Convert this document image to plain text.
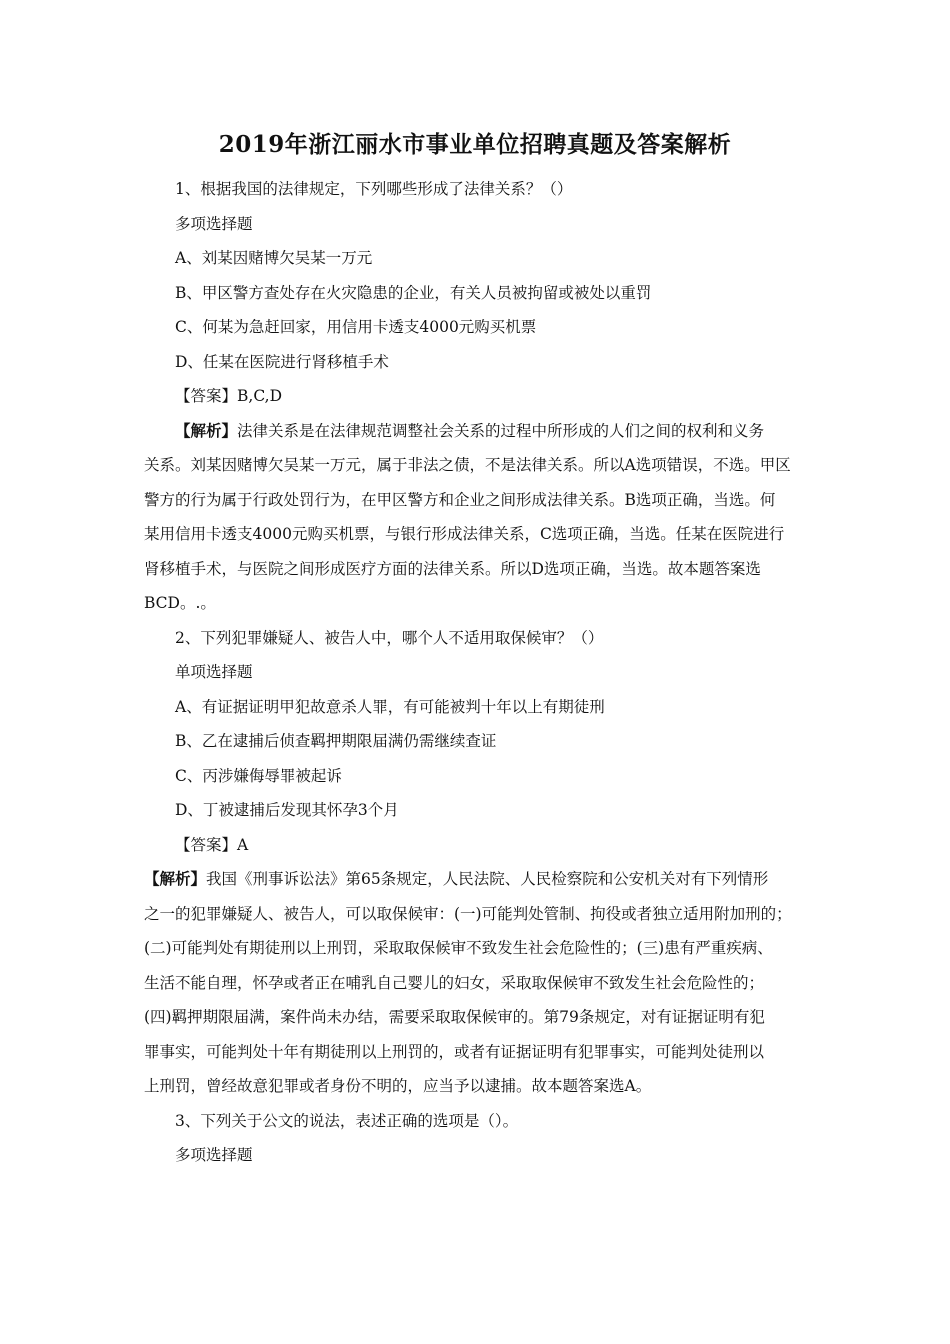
2019年浙江丽水市事业单位招聘真题及答案解析

1、根据我国的法律规定，下列哪些形成了法律关系？（）

多项选择题

A、刘某因赌博欠吴某一万元

B、甲区警方查处存在火灾隐患的企业，有关人员被拘留或被处以重罚

C、何某为急赶回家，用信用卡透支4000元购买机票

D、任某在医院进行肾移植手术

【答案】B,C,D

【解析】法律关系是在法律规范调整社会关系的过程中所形成的人们之间的权利和义务

关系。刘某因赌博欠吴某一万元，属于非法之债，不是法律关系。所以A选项错误，不选。甲区

警方的行为属于行政处罚行为，在甲区警方和企业之间形成法律关系。B选项正确，当选。何

某用信用卡透支4000元购买机票，与银行形成法律关系，C选项正确，当选。任某在医院进行

肾移植手术，与医院之间形成医疗方面的法律关系。所以D选项正确，当选。故本题答案选

BCD。.。

2、下列犯罪嫌疑人、被告人中，哪个人不适用取保候审？（）

单项选择题

A、有证据证明甲犯故意杀人罪，有可能被判十年以上有期徒刑

B、乙在逮捕后侦查羁押期限届满仍需继续查证

C、丙涉嫌侮辱罪被起诉

D、丁被逮捕后发现其怀孕3个月

【答案】A

【解析】我国《刑事诉讼法》第65条规定，人民法院、人民检察院和公安机关对有下列情形

之一的犯罪嫌疑人、被告人，可以取保候审：(一)可能判处管制、拘役或者独立适用附加刑的；

(二)可能判处有期徒刑以上刑罚，采取取保候审不致发生社会危险性的；(三)患有严重疾病、

生活不能自理，怀孕或者正在哺乳自己婴儿的妇女，采取取保候审不致发生社会危险性的；

(四)羁押期限届满，案件尚未办结，需要采取取保候审的。第79条规定，对有证据证明有犯

罪事实，可能判处十年有期徒刑以上刑罚的，或者有证据证明有犯罪事实，可能判处徒刑以

上刑罚，曾经故意犯罪或者身份不明的，应当予以逮捕。故本题答案选A。

3、下列关于公文的说法，表述正确的选项是（）。

多项选择题
